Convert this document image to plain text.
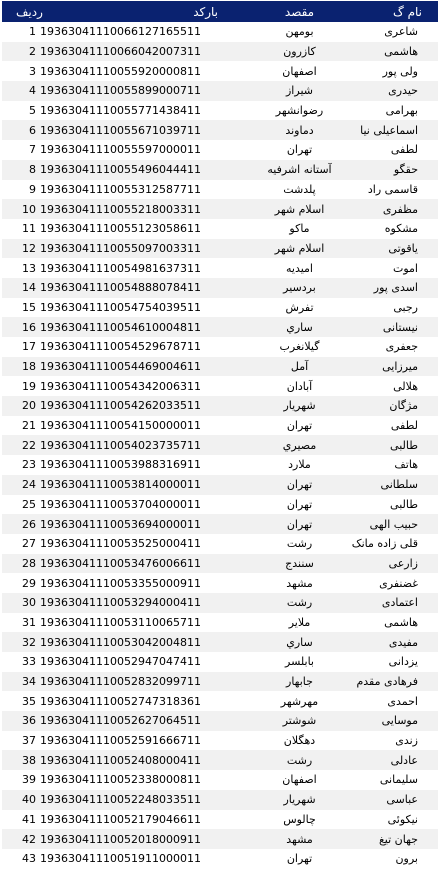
ردیف	بارکد		مقصد	نام گ
1	19363041110066127165511		بومهن	شاعری
2	19363041110066042007311		کازرون	هاشمی
3	19363041110055920000811		اصفهان	ولی پور
4	19363041110055899000711		شیراز	حیدری
5	19363041110055771438411		رضوانشهر	بهرامی
6	19363041110055671039711		دماوند	اسماعیلی نیا
7	19363041110055597000011		تهران	لطفی
8	19363041110055496044411		آستانه اشرفیه	حقگو
9	19363041110055312587711		پلدشت	قاسمی راد
10	19363041110055218003311		اسلام شهر	مظفری
11	19363041110055123058611		ماکو	مشکوه
12	19363041110055097003311		اسلام شهر	یاقوتی
13	19363041110054981637311		امیدیه	اموت
14	19363041110054888078411		بردسیر	اسدی پور
15	19363041110054754039511		تفرش	رجبی
16	19363041110054610004811		ساري	نیستانی
17	19363041110054529678711		گیلانغرب	جعفری
18	19363041110054469004611		آمل	میرزایی
19	19363041110054342006311		آبادان	هلالی
20	19363041110054262033511		شهریار	مژگان
21	19363041110054150000011		تهران	لطفی
22	19363041110054023735711		مصیري	طالبی
23	19363041110053988316911		ملارد	هاتف
24	19363041110053814000011		تهران	سلطانی
25	19363041110053704000011		تهران	طالبی
26	19363041110053694000011		تهران	حبیب الهی
27	19363041110053525000411		رشت	قلی زاده مانک
28	19363041110053476006611		سنندج	زارعی
29	19363041110053355000911		مشهد	غضنفری
30	19363041110053294000411		رشت	اعتمادی
31	19363041110053110065711		ملایر	هاشمی
32	19363041110053042004811		ساري	مفیدی
33	19363041110052947047411		بابلسر	یزدانی
34	19363041110052832099711		جابهار	فرهادی مقدم
35	19363041110052747318361		مهرشهر	احمدی
36	19363041110052627064511		شوشتر	موسایی
37	19363041110052591666711		دهگلان	زندی
38	19363041110052408000411		رشت	عادلی
39	19363041110052338000811		اصفهان	سلیمانی
40	19363041110052248033511		شهریار	عباسی
41	19363041110052179046611		چالوس	نیکوئی
42	19363041110052018000911		مشهد	جهان تیغ
43	19363041110051911000011		تهران	برون
